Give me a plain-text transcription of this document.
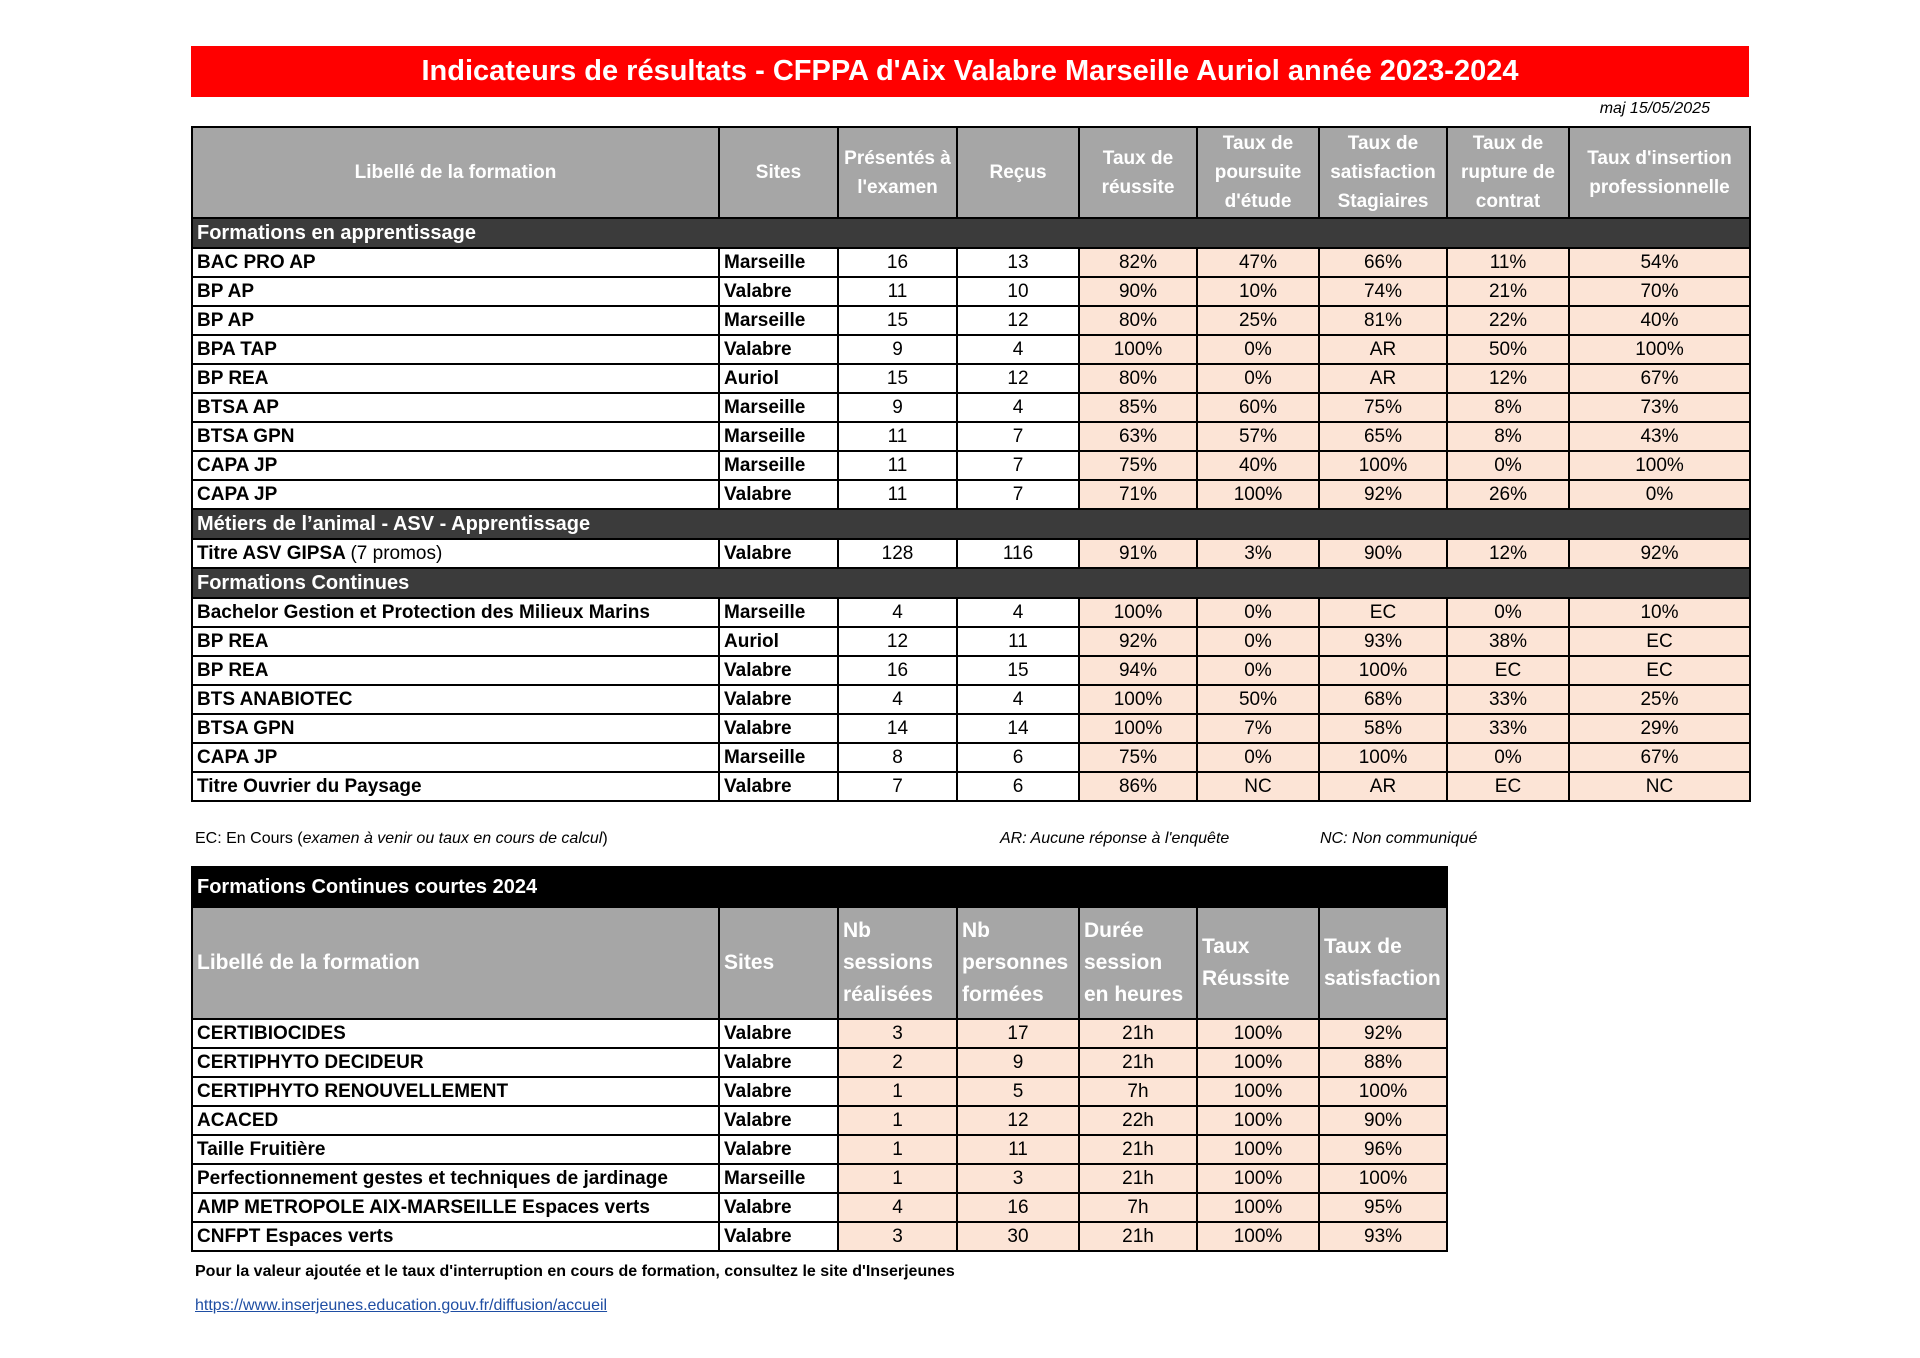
Indicateurs de résultats - CFPPA d'Aix Valabre Marseille Auriol année 2023-2024
maj 15/05/2025
Libellé de la formation	Sites	Présentés à l'examen	Reçus	Taux de réussite	Taux de poursuite d'étude	Taux de satisfaction Stagiaires	Taux de rupture de contrat	Taux d'insertion professionnelle
Formations en apprentissage								
BAC PRO AP	Marseille	16	13	82%	47%	66%	11%	54%
BP AP	Valabre	11	10	90%	10%	74%	21%	70%
BP AP	Marseille	15	12	80%	25%	81%	22%	40%
BPA TAP	Valabre	9	4	100%	0%	AR	50%	100%
BP REA	Auriol	15	12	80%	0%	AR	12%	67%
BTSA AP	Marseille	9	4	85%	60%	75%	8%	73%
BTSA GPN	Marseille	11	7	63%	57%	65%	8%	43%
CAPA JP	Marseille	11	7	75%	40%	100%	0%	100%
CAPA JP	Valabre	11	7	71%	100%	92%	26%	0%
Métiers de l’animal - ASV - Apprentissage								
Titre ASV GIPSA (7 promos)	Valabre	128	116	91%	3%	90%	12%	92%
Formations Continues								
Bachelor Gestion et Protection des Milieux Marins	Marseille	4	4	100%	0%	EC	0%	10%
BP REA	Auriol	12	11	92%	0%	93%	38%	EC
BP REA	Valabre	16	15	94%	0%	100%	EC	EC
BTS ANABIOTEC	Valabre	4	4	100%	50%	68%	33%	25%
BTSA GPN	Valabre	14	14	100%	7%	58%	33%	29%
CAPA JP	Marseille	8	6	75%	0%	100%	0%	67%
Titre Ouvrier du Paysage	Valabre	7	6	86%	NC	AR	EC	NC
EC: En Cours (examen à venir ou taux en cours de calcul)	AR: Aucune réponse à l'enquête	NC: Non communiqué
Formations Continues courtes 2024						
Libellé de la formation	Sites	Nb sessions réalisées	Nb personnes formées	Durée session en heures	Taux Réussite	Taux de satisfaction
CERTIBIOCIDES	Valabre	3	17	21h	100%	92%
CERTIPHYTO DECIDEUR	Valabre	2	9	21h	100%	88%
CERTIPHYTO RENOUVELLEMENT	Valabre	1	5	7h	100%	100%
ACACED	Valabre	1	12	22h	100%	90%
Taille Fruitière	Valabre	1	11	21h	100%	96%
Perfectionnement gestes et techniques de jardinage	Marseille	1	3	21h	100%	100%
AMP METROPOLE AIX-MARSEILLE Espaces verts	Valabre	4	16	7h	100%	95%
CNFPT Espaces verts	Valabre	3	30	21h	100%	93%
Pour la valeur ajoutée et le taux d'interruption en cours de formation, consultez le site d'Inserjeunes
https://www.inserjeunes.education.gouv.fr/diffusion/accueil
